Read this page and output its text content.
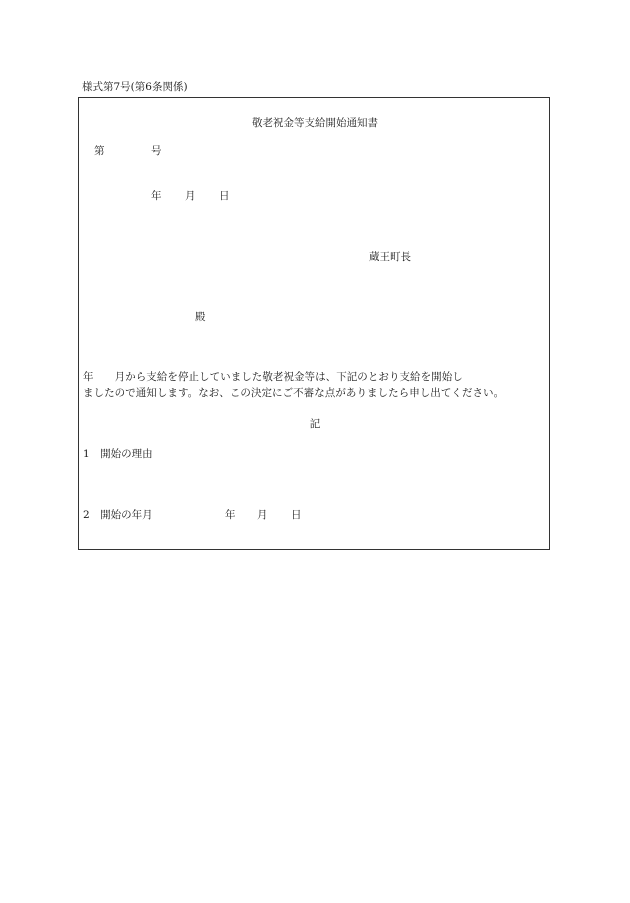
様式第7号(第6条関係)
敬老祝金等支給開始通知書
第	号
年 月 日
蔵王町長
殿
年　　月から支給を停止していました敬老祝金等は、下記のとおり支給を開始し
ましたので通知します。なお、この決定にご不審な点がありましたら申し出てください。
記
1　開始の理由
2　開始の年月	年 月 日
